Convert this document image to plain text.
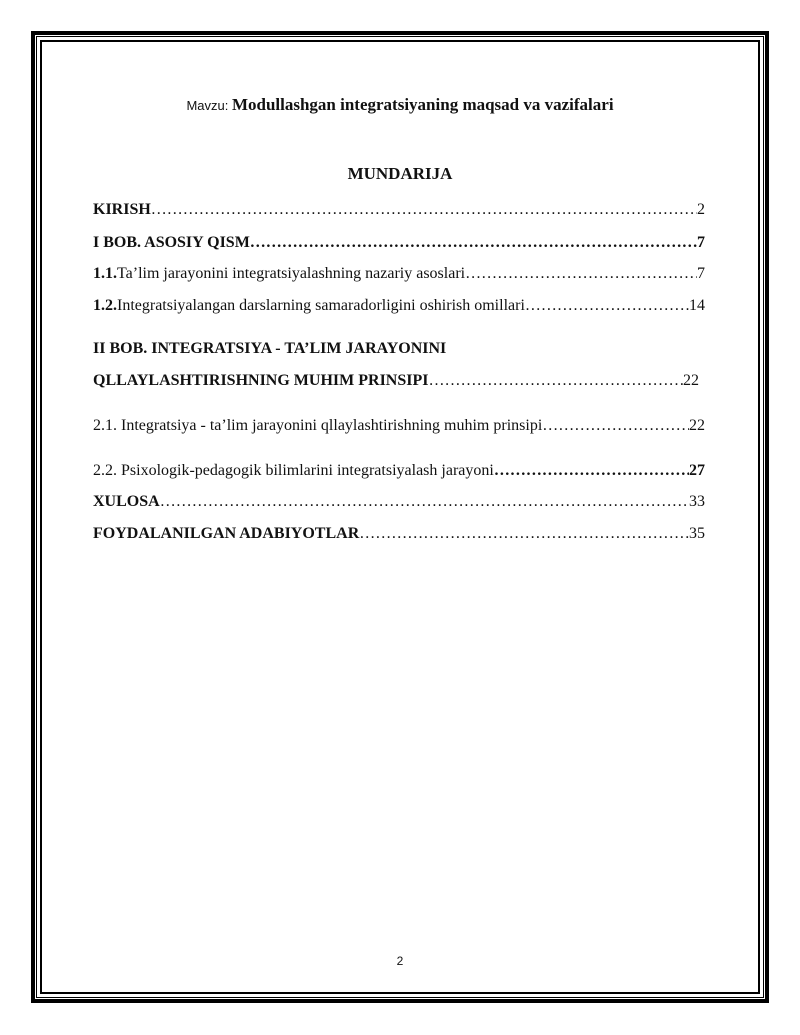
Mavzu: Modullashgan integratsiyaning maqsad va vazifalari
MUNDARIJA
KIRISH ………………………………………………………………………………………………………………………………………………………………………………	2
I BOB. ASOSIY QISM ………………………………………………………………………………………………………………………………………………………………………………	7
1.1. Ta’lim jarayonini integratsiyalashning nazariy asoslari ………………………………………………………………………………………………………………………………………………………………………………	7
1.2. Integratsiyalangan darslarning samaradorligini oshirish omillari ………………………………………………………………………………………………………………………………………………………………………………	14
II BOB. INTEGRATSIYA - TA’LIM JARAYONINI
QLLAYLASHTIRISHNING MUHIM PRINSIPI ………………………………………………………………………………………………………………………………………………………………………………	22
2.1. Integratsiya - ta’lim jarayonini qllaylashtirishning muhim prinsipi ………………………………………………………………………………………………………………………………………………………………………………	22
2.2. Psixologik-pedagogik bilimlarini integratsiyalash jarayoni ………………………………………………………………………………………………………………………………………………………………………………	27
XULOSA ………………………………………………………………………………………………………………………………………………………………………………	33
FOYDALANILGAN ADABIYOTLAR ………………………………………………………………………………………………………………………………………………………………………………	35
2
